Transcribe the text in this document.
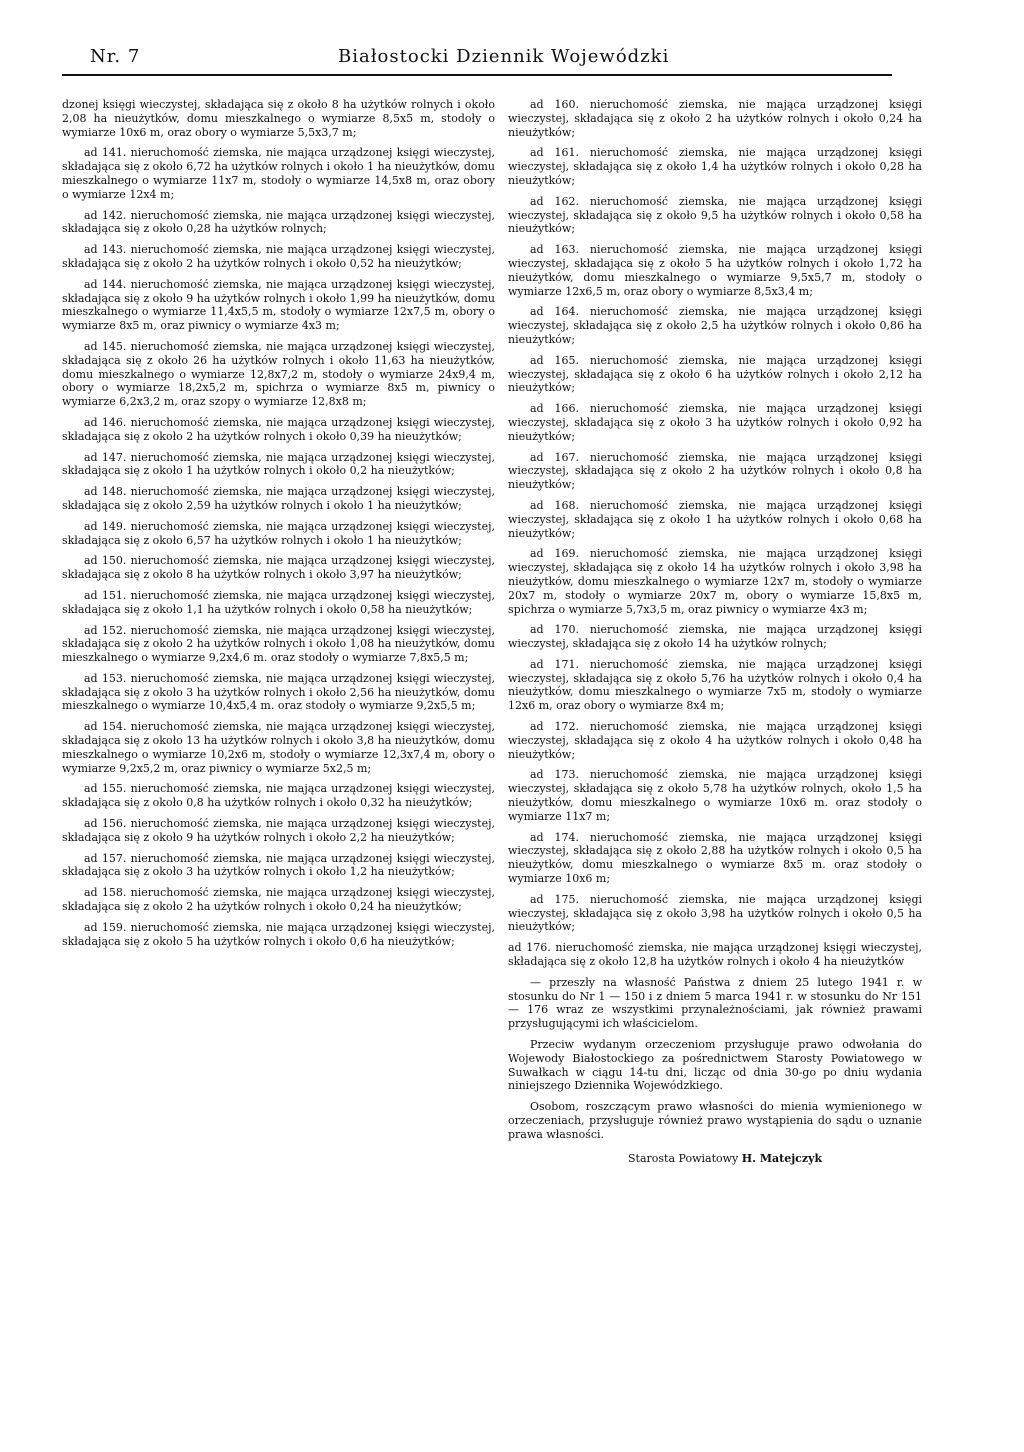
Nr. 7	Białostocki Dziennik Wojewódzki

dzonej księgi wieczystej, składająca się z około 8 ha użytków rolnych i około 2,08 ha nieużytków, domu mieszkalnego o wymiarze 8,5x5 m, stodoły o wymiarze 10x6 m, oraz obory o wymiarze 5,5x3,7 m;

ad 141. nieruchomość ziemska, nie mająca urządzonej księgi wieczystej, składająca się z około 6,72 ha użytków rolnych i około 1 ha nieużytków, domu mieszkalnego o wymiarze 11x7 m, stodoły o wymiarze 14,5x8 m, oraz obory o wymiarze 12x4 m;

ad 142. nieruchomość ziemska, nie mająca urządzonej księgi wieczystej, składająca się z około 0,28 ha użytków rolnych;

ad 143. nieruchomość ziemska, nie mająca urządzonej księgi wieczystej, składająca się z około 2 ha użytków rolnych i około 0,52 ha nieużytków;

ad 144. nieruchomość ziemska, nie mająca urządzonej księgi wieczystej, składająca się z około 9 ha użytków rolnych i około 1,99 ha nieużytków, domu mieszkalnego o wymiarze 11,4x5,5 m, stodoły o wymiarze 12x7,5 m, obory o wymiarze 8x5 m, oraz piwnicy o wymiarze 4x3 m;

ad 145. nieruchomość ziemska, nie mająca urządzonej księgi wieczystej, składająca się z około 26 ha użytków rolnych i około 11,63 ha nieużytków, domu mieszkalnego o wymiarze 12,8x7,2 m, stodoły o wymiarze 24x9,4 m, obory o wymiarze 18,2x5,2 m, spichrza o wymiarze 8x5 m, piwnicy o wymiarze 6,2x3,2 m, oraz szopy o wymiarze 12,8x8 m;

ad 146. nieruchomość ziemska, nie mająca urządzonej księgi wieczystej, składająca się z około 2 ha użytków rolnych i około 0,39 ha nieużytków;

ad 147. nieruchomość ziemska, nie mająca urządzonej księgi wieczystej, składająca się z około 1 ha użytków rolnych i około 0,2 ha nieużytków;

ad 148. nieruchomość ziemska, nie mająca urządzonej księgi wieczystej, składająca się z około 2,59 ha użytków rolnych i około 1 ha nieużytków;

ad 149. nieruchomość ziemska, nie mająca urządzonej księgi wieczystej, składająca się z około 6,57 ha użytków rolnych i około 1 ha nieużytków;

ad 150. nieruchomość ziemska, nie mająca urządzonej księgi wieczystej, składająca się z około 8 ha użytków rolnych i około 3,97 ha nieużytków;

ad 151. nieruchomość ziemska, nie mająca urządzonej księgi wieczystej, składająca się z około 1,1 ha użytków rolnych i około 0,58 ha nieużytków;

ad 152. nieruchomość ziemska, nie mająca urządzonej księgi wieczystej, składająca się z około 2 ha użytków rolnych i około 1,08 ha nieużytków, domu mieszkalnego o wymiarze 9,2x4,6 m. oraz stodoły o wymiarze 7,8x5,5 m;

ad 153. nieruchomość ziemska, nie mająca urządzonej księgi wieczystej, składająca się z około 3 ha użytków rolnych i około 2,56 ha nieużytków, domu mieszkalnego o wymiarze 10,4x5,4 m. oraz stodoły o wymiarze 9,2x5,5 m;

ad 154. nieruchomość ziemska, nie mająca urządzonej księgi wieczystej, składająca się z około 13 ha użytków rolnych i około 3,8 ha nieużytków, domu mieszkalnego o wymiarze 10,2x6 m, stodoły o wymiarze 12,3x7,4 m, obory o wymiarze 9,2x5,2 m, oraz piwnicy o wymiarze 5x2,5 m;

ad 155. nieruchomość ziemska, nie mająca urządzonej księgi wieczystej, składająca się z około 0,8 ha użytków rolnych i około 0,32 ha nieużytków;

ad 156. nieruchomość ziemska, nie mająca urządzonej księgi wieczystej, składająca się z około 9 ha użytków rolnych i około 2,2 ha nieużytków;

ad 157. nieruchomość ziemska, nie mająca urządzonej księgi wieczystej, składająca się z około 3 ha użytków rolnych i około 1,2 ha nieużytków;

ad 158. nieruchomość ziemska, nie mająca urządzonej księgi wieczystej, składająca się z około 2 ha użytków rolnych i około 0,24 ha nieużytków;

ad 159. nieruchomość ziemska, nie mająca urządzonej księgi wieczystej, składająca się z około 5 ha użytków rolnych i około 0,6 ha nieużytków;

ad 160. nieruchomość ziemska, nie mająca urządzonej księgi wieczystej, składająca się z około 2 ha użytków rolnych i około 0,24 ha nieużytków;

ad 161. nieruchomość ziemska, nie mająca urządzonej księgi wieczystej, składająca się z około 1,4 ha użytków rolnych i około 0,28 ha nieużytków;

ad 162. nieruchomość ziemska, nie mająca urządzonej księgi wieczystej, składająca się z około 9,5 ha użytków rolnych i około 0,58 ha nieużytków;

ad 163. nieruchomość ziemska, nie mająca urządzonej księgi wieczystej, składająca się z około 5 ha użytków rolnych i około 1,72 ha nieużytków, domu mieszkalnego o wymiarze 9,5x5,7 m, stodoły o wymiarze 12x6,5 m, oraz obory o wymiarze 8,5x3,4 m;

ad 164. nieruchomość ziemska, nie mająca urządzonej księgi wieczystej, składająca się z około 2,5 ha użytków rolnych i około 0,86 ha nieużytków;

ad 165. nieruchomość ziemska, nie mająca urządzonej księgi wieczystej, składająca się z około 6 ha użytków rolnych i około 2,12 ha nieużytków;

ad 166. nieruchomość ziemska, nie mająca urządzonej księgi wieczystej, składająca się z około 3 ha użytków rolnych i około 0,92 ha nieużytków;

ad 167. nieruchomość ziemska, nie mająca urządzonej księgi wieczystej, składająca się z około 2 ha użytków rolnych i około 0,8 ha nieużytków;

ad 168. nieruchomość ziemska, nie mająca urządzonej księgi wieczystej, składająca się z około 1 ha użytków rolnych i około 0,68 ha nieużytków;

ad 169. nieruchomość ziemska, nie mająca urządzonej księgi wieczystej, składająca się z około 14 ha użytków rolnych i około 3,98 ha nieużytków, domu mieszkalnego o wymiarze 12x7 m, stodoły o wymiarze 20x7 m, stodoły o wymiarze 20x7 m, obory o wymiarze 15,8x5 m, spichrza o wymiarze 5,7x3,5 m, oraz piwnicy o wymiarze 4x3 m;

ad 170. nieruchomość ziemska, nie mająca urządzonej księgi wieczystej, składająca się z około 14 ha użytków rolnych;

ad 171. nieruchomość ziemska, nie mająca urządzonej księgi wieczystej, składająca się z około 5,76 ha użytków rolnych i około 0,4 ha nieużytków, domu mieszkalnego o wymiarze 7x5 m, stodoły o wymiarze 12x6 m, oraz obory o wymiarze 8x4 m;

ad 172. nieruchomość ziemska, nie mająca urządzonej księgi wieczystej, składająca się z około 4 ha użytków rolnych i około 0,48 ha nieużytków;

ad 173. nieruchomość ziemska, nie mająca urządzonej księgi wieczystej, składająca się z około 5,78 ha użytków rolnych, około 1,5 ha nieużytków, domu mieszkalnego o wymiarze 10x6 m. oraz stodoły o wymiarze 11x7 m;

ad 174. nieruchomość ziemska, nie mająca urządzonej księgi wieczystej, składająca się z około 2,88 ha użytków rolnych i około 0,5 ha nieużytków, domu mieszkalnego o wymiarze 8x5 m. oraz stodoły o wymiarze 10x6 m;

ad 175. nieruchomość ziemska, nie mająca urządzonej księgi wieczystej, składająca się z około 3,98 ha użytków rolnych i około 0,5 ha nieużytków;

ad 176. nieruchomość ziemska, nie mająca urządzonej księgi wieczystej, składająca się z około 12,8 ha użytków rolnych i około 4 ha nieużytków

— przeszły na własność Państwa z dniem 25 lutego 1941 r. w stosunku do Nr 1 — 150 i z dniem 5 marca 1941 r. w stosunku do Nr 151 — 176 wraz ze wszystkimi przynależnościami, jak również prawami przysługującymi ich właścicielom.

Przeciw wydanym orzeczeniom przysługuje prawo odwołania do Wojewody Białostockiego za pośrednictwem Starosty Powiatowego w Suwałkach w ciągu 14-tu dni, licząc od dnia 30-go po dniu wydania niniejszego Dziennika Wojewódzkiego.

Osobom, roszczącym prawo własności do mienia wymienionego w orzeczeniach, przysługuje również prawo wystąpienia do sądu o uznanie prawa własności.

Starosta Powiatowy H. Matejczyk
